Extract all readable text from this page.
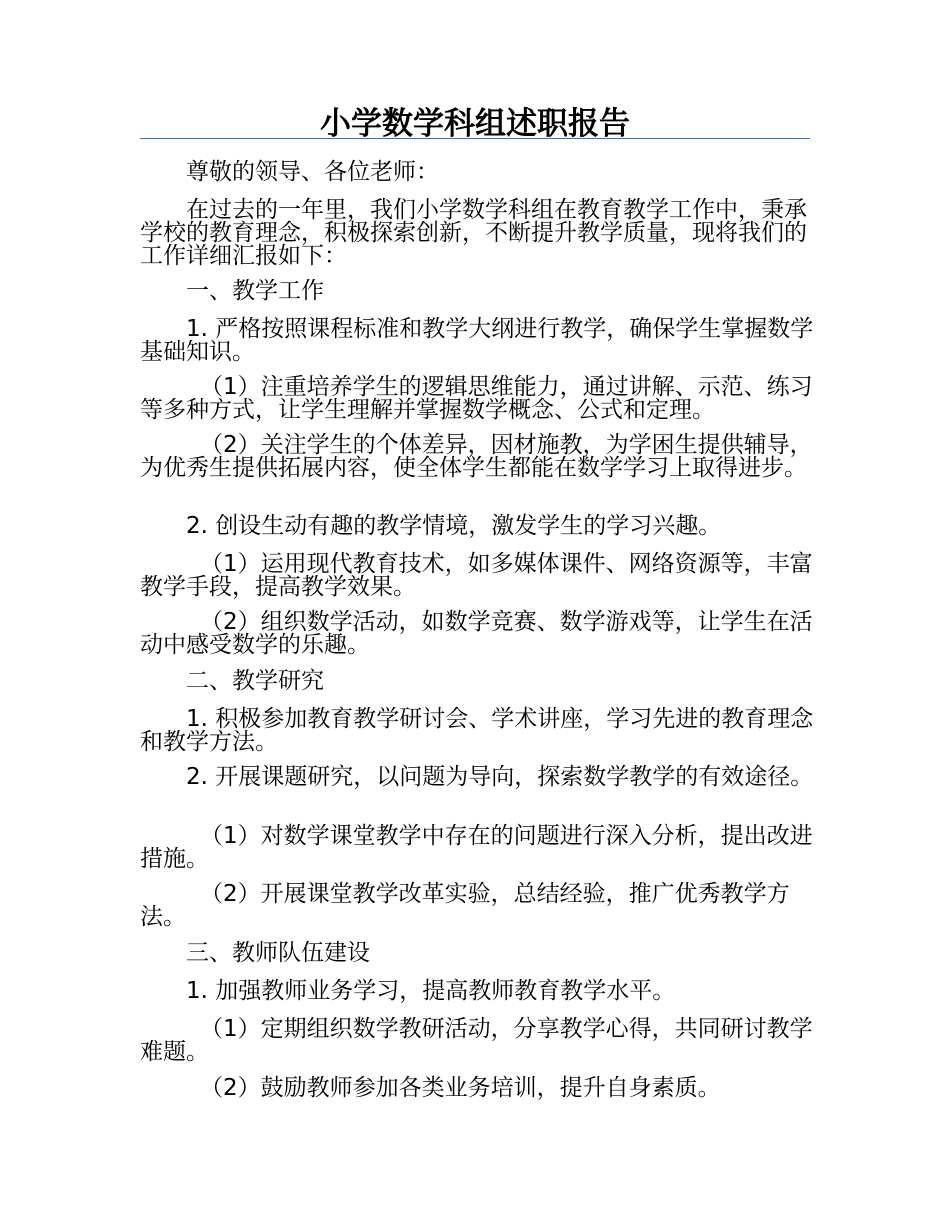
小学数学科组述职报告

尊敬的领导、各位老师：

在过去的一年里，我们小学数学科组在教育教学工作中，秉承学校的教育理念，积极探索创新，不断提升教学质量，现将我们的工作详细汇报如下：

一、教学工作

1. 严格按照课程标准和教学大纲进行教学，确保学生掌握数学基础知识。

（1）注重培养学生的逻辑思维能力，通过讲解、示范、练习等多种方式，让学生理解并掌握数学概念、公式和定理。

（2）关注学生的个体差异，因材施教，为学困生提供辅导，为优秀生提供拓展内容，使全体学生都能在数学学习上取得进步。

2. 创设生动有趣的教学情境，激发学生的学习兴趣。

（1）运用现代教育技术，如多媒体课件、网络资源等，丰富教学手段，提高教学效果。

（2）组织数学活动，如数学竞赛、数学游戏等，让学生在活动中感受数学的乐趣。

二、教学研究

1. 积极参加教育教学研讨会、学术讲座，学习先进的教育理念和教学方法。

2. 开展课题研究，以问题为导向，探索数学教学的有效途径。

（1）对数学课堂教学中存在的问题进行深入分析，提出改进措施。

（2）开展课堂教学改革实验，总结经验，推广优秀教学方法。

三、教师队伍建设

1. 加强教师业务学习，提高教师教育教学水平。

（1）定期组织数学教研活动，分享教学心得，共同研讨教学难题。

（2）鼓励教师参加各类业务培训，提升自身素质。
